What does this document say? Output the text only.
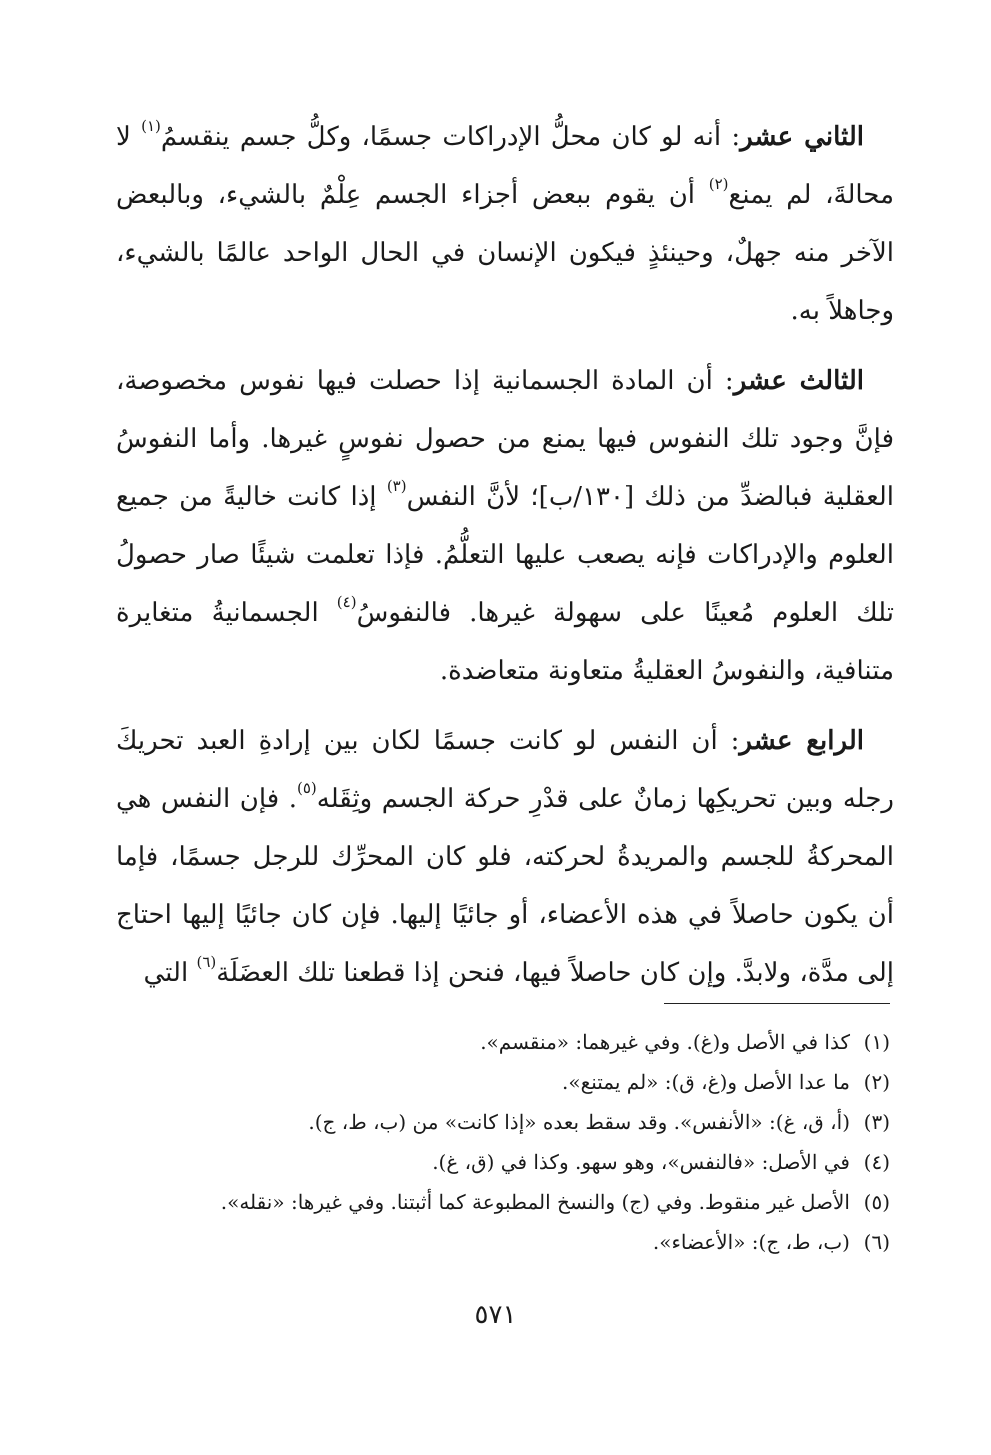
الثاني عشر: أنه لو كان محلُّ الإدراكات جسمًا، وكلُّ جسم ينقسمُ$^{(١)}$ لا محالةَ، لم يمنع$^{(٢)}$ أن يقوم ببعض أجزاء الجسم عِلْمٌ بالشيء، وبالبعض الآخر منه جهلٌ، وحينئذٍ فيكون الإنسان في الحال الواحد عالمًا بالشيء، وجاهلاً به.

الثالث عشر: أن المادة الجسمانية إذا حصلت فيها نفوس مخصوصة، فإنَّ وجود تلك النفوس فيها يمنع من حصول نفوسٍ غيرها. وأما النفوسُ العقلية فبالضدِّ من ذلك [١٣٠/ب]؛ لأنَّ النفس$^{(٣)}$ إذا كانت خاليةً من جميع العلوم والإدراكات فإنه يصعب عليها التعلُّمُ. فإذا تعلمت شيئًا صار حصولُ تلك العلوم مُعينًا على سهولة غيرها. فالنفوسُ$^{(٤)}$ الجسمانيةُ متغايرة متنافية، والنفوسُ العقليةُ متعاونة متعاضدة.

الرابع عشر: أن النفس لو كانت جسمًا لكان بين إرادةِ العبد تحريكَ رجله وبين تحريكِها زمانٌ على قدْرِ حركة الجسم وثِقَله$^{(٥)}$. فإن النفس هي المحركةُ للجسم والمريدةُ لحركته، فلو كان المحرِّك للرجل جسمًا، فإما أن يكون حاصلاً في هذه الأعضاء، أو جائيًا إليها. فإن كان جائيًا إليها احتاج إلى مدَّة، ولابدَّ. وإن كان حاصلاً فيها، فنحن إذا قطعنا تلك العضَلَة$^{(٦)}$ التي

(١)كذا في الأصل و(غ). وفي غيرهما: «منقسم».
(٢)ما عدا الأصل و(غ، ق): «لم يمتنع».
(٣)(أ، ق، غ): «الأنفس». وقد سقط بعده «إذا كانت» من (ب، ط، ج).
(٤)في الأصل: «فالنفس»، وهو سهو. وكذا في (ق، غ).
(٥)الأصل غير منقوط. وفي (ج) والنسخ المطبوعة كما أثبتنا. وفي غيرها: «نقله».
(٦)(ب، ط، ج): «الأعضاء».
٥٧١
